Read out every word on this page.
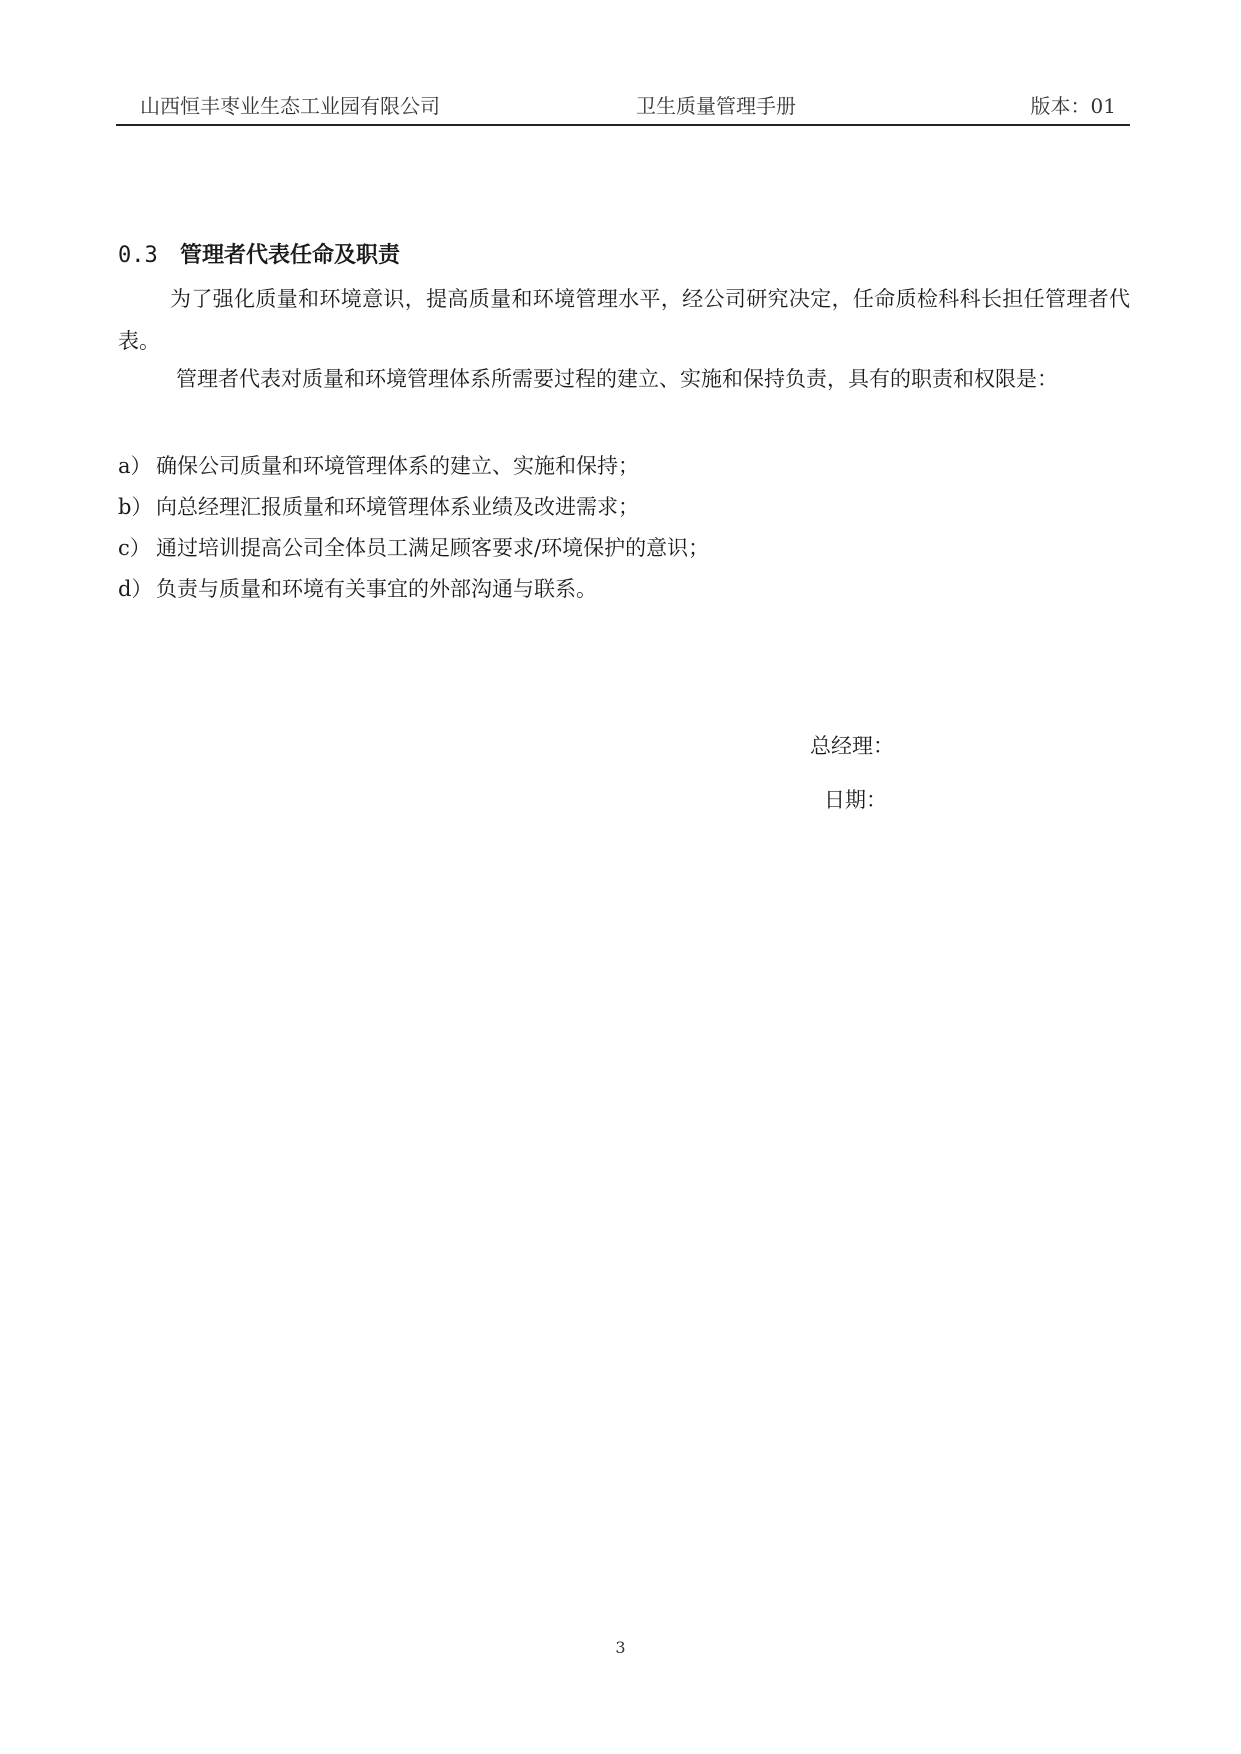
山西恒丰枣业生态工业园有限公司	卫生质量管理手册	版本：01
0.3 管理者代表任命及职责
为了强化质量和环境意识，提高质量和环境管理水平，经公司研究决定，任命质检科科长担任管理者代表。
管理者代表对质量和环境管理体系所需要过程的建立、实施和保持负责，具有的职责和权限是：
a） 确保公司质量和环境管理体系的建立、实施和保持；
b） 向总经理汇报质量和环境管理体系业绩及改进需求；
c） 通过培训提高公司全体员工满足顾客要求/环境保护的意识；
d） 负责与质量和环境有关事宜的外部沟通与联系。
总经理：
日期：
3
